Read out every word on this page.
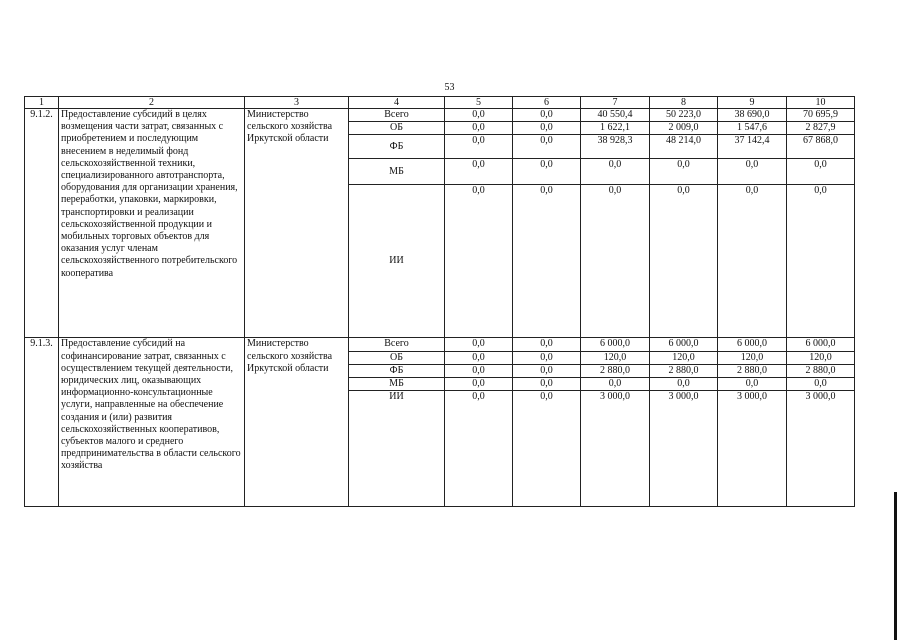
53
1	2	3	4	5	6	7	8	9	10
9.1.2.	Предоставление субсидий в целях возмещения части затрат, связанных с приобретением и последующим внесением в неделимый фонд сельскохозяйственной техники, специализированного автотранспорта, оборудования для организации хранения, переработки, упаковки, маркировки, транспортировки и реализации сельскохозяйственной продукции и мобильных торговых объектов для оказания услуг членам сельскохозяйственного потребительского кооператива	Министерство сельского хозяйства Иркутской области	Всего	0,0	0,0	40 550,4	50 223,0	38 690,0	70 695,9
			ОБ	0,0	0,0	1 622,1	2 009,0	1 547,6	2 827,9
			ФБ	0,0	0,0	38 928,3	48 214,0	37 142,4	67 868,0
			МБ	0,0	0,0	0,0	0,0	0,0	0,0
			ИИ	0,0	0,0	0,0	0,0	0,0	0,0
9.1.3.	Предоставление субсидий на софинансирование затрат, связанных с осуществлением текущей деятельности, юридических лиц, оказывающих информационно-консультационные услуги, направленные на обеспечение создания и (или) развития сельскохозяйственных кооперативов, субъектов малого и среднего предпринимательства в области сельского хозяйства	Министерство сельского хозяйства Иркутской области	Всего	0,0	0,0	6 000,0	6 000,0	6 000,0	6 000,0
			ОБ	0,0	0,0	120,0	120,0	120,0	120,0
			ФБ	0,0	0,0	2 880,0	2 880,0	2 880,0	2 880,0
			МБ	0,0	0,0	0,0	0,0	0,0	0,0
			ИИ	0,0	0,0	3 000,0	3 000,0	3 000,0	3 000,0
